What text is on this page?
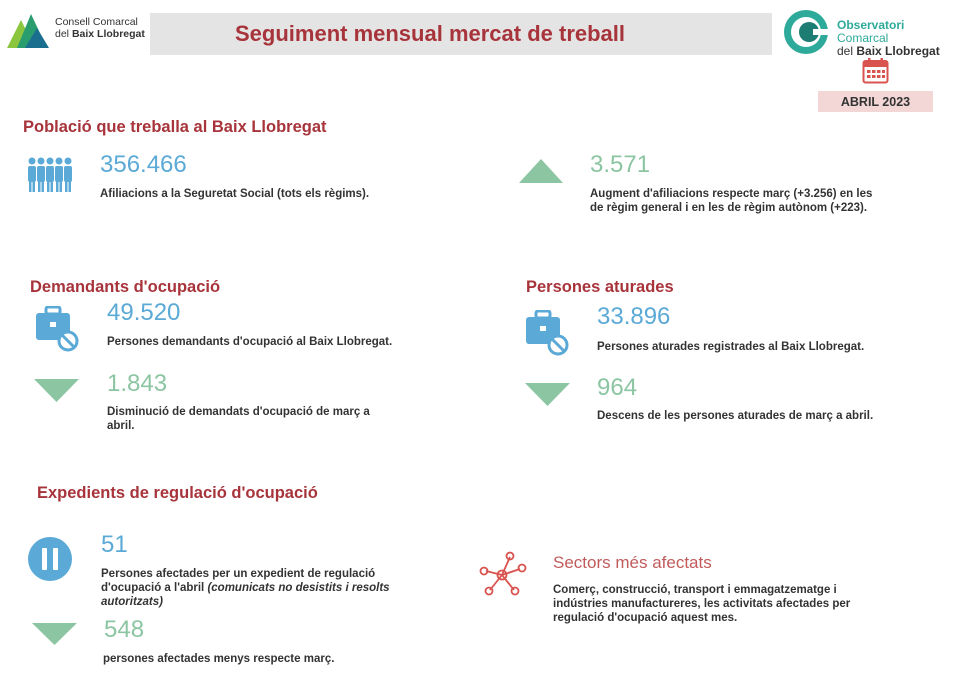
Consell Comarcal
del Baix Llobregat	Seguiment mensual mercat de treball	Observatori Comarcal
del Baix Llobregat
ABRIL 2023
Població que treballa al Baix Llobregat
356.466
Afiliacions a la Seguretat Social (tots els règims).
3.571
Augment d'afiliacions respecte març (+3.256) en les
de règim general i en les de règim autònom (+223).
Demandants d'ocupació
49.520
Persones demandants d'ocupació al Baix Llobregat.
1.843
Disminució de demandats d'ocupació de març a
abril.
Persones aturades
33.896
Persones aturades registrades al Baix Llobregat.
964
Descens de les persones aturades de març a abril.
Expedients de regulació d'ocupació
51
Persones afectades per un expedient de regulació
d'ocupació a l'abril (comunicats no desistits i resolts
autoritzats)
548
persones afectades menys respecte març.
Sectors més afectats
Comerç, construcció, transport i emmagatzematge i
indústries manufactureres, les activitats afectades per
regulació d'ocupació aquest mes.
